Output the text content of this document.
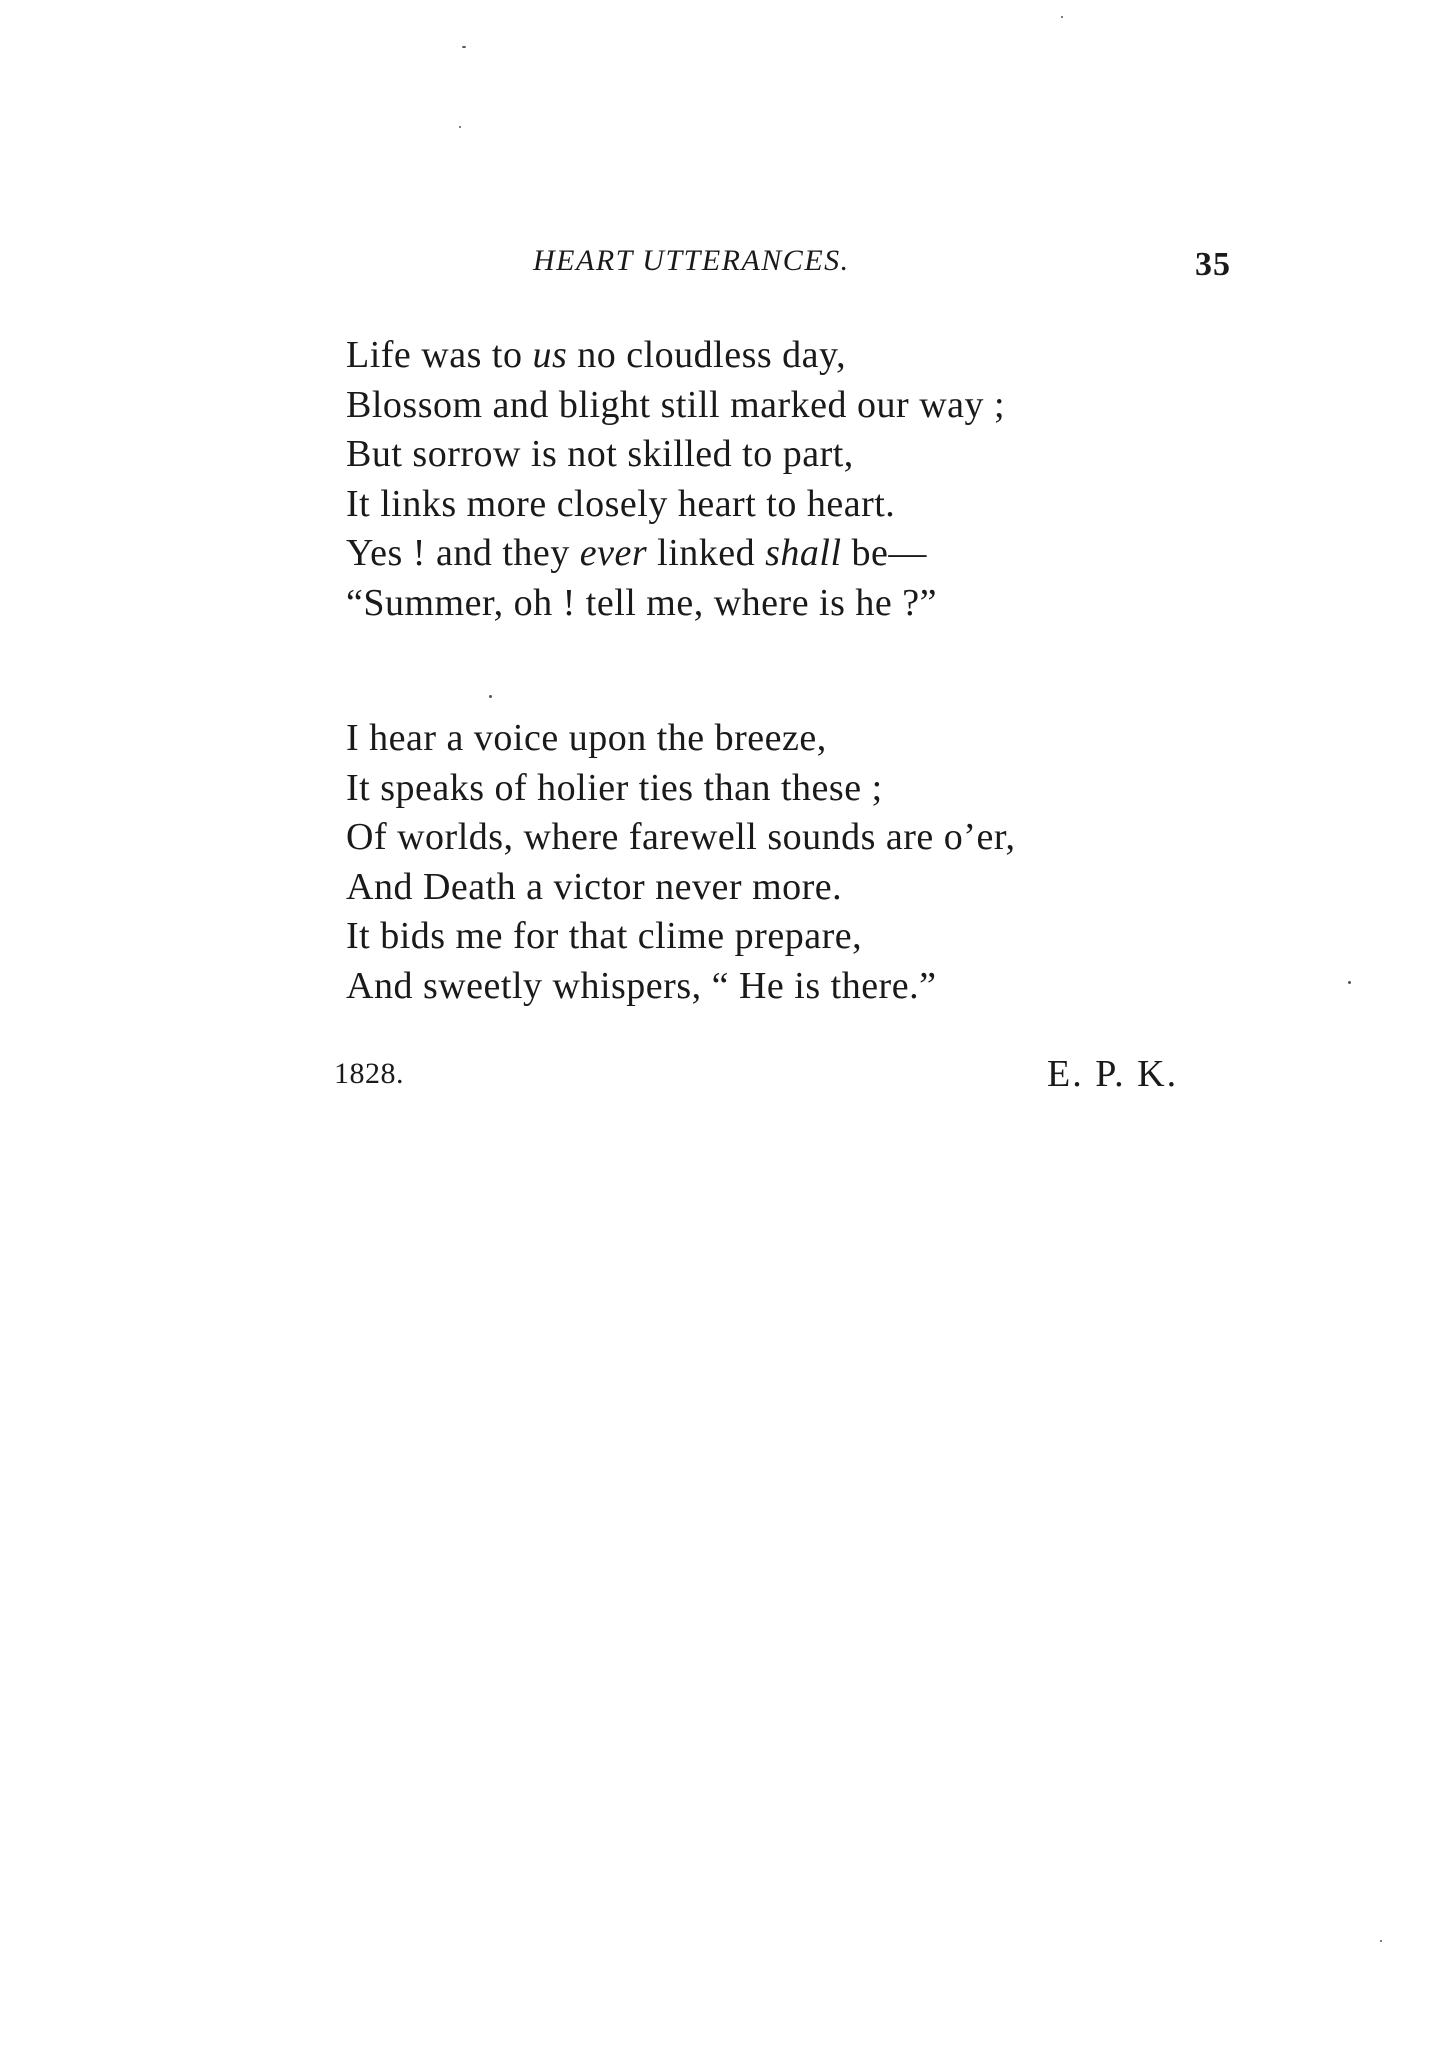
HEART UTTERANCES.	35
Life was to us no cloudless day,
Blossom and blight still marked our way ;
But sorrow is not skilled to part,
It links more closely heart to heart.
Yes ! and they ever linked shall be—
“Summer, oh ! tell me, where is he ?”
I hear a voice upon the breeze,
It speaks of holier ties than these ;
Of worlds, where farewell sounds are o’er,
And Death a victor never more.
It bids me for that clime prepare,
And sweetly whispers, “ He is there.”
1828.	E. P. K.
